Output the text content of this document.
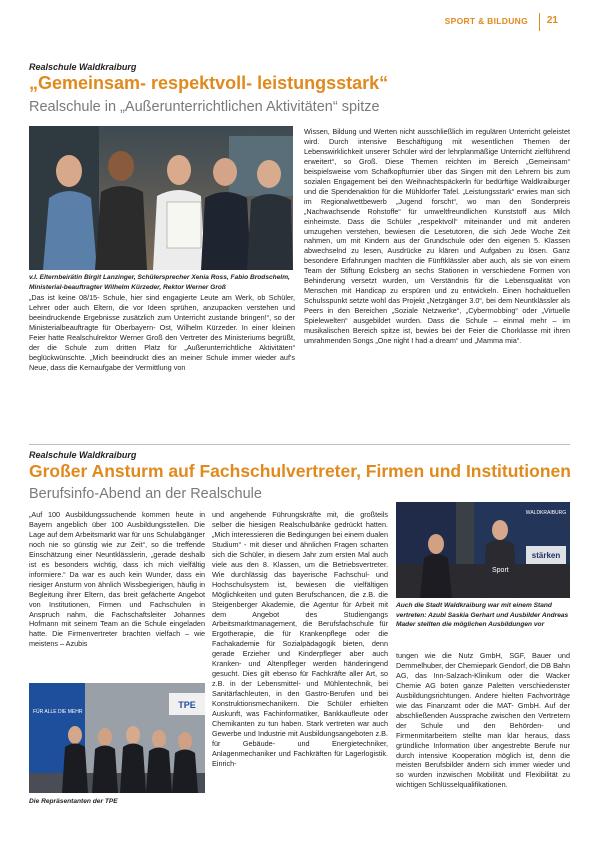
SPORT & BILDUNG 21
Realschule Waldkraiburg
„Gemeinsam- respektvoll- leistungsstark“
Realschule in „Außerunterrichtlichen Aktivitäten“ spitze
v.l. Elternbeirätin Birgit Lanzinger, Schülersprecher Xenia Ross, Fabio Brodschelm, Ministerial-beauftragter Wilhelm Kürzeder, Rektor Werner Groß

„Das ist keine 08/15- Schule, hier sind engagierte Leute am Werk, ob Schüler, Lehrer oder auch Eltern, die vor Ideen sprühen, anzupacken verstehen und beeindruckende Ergebnisse zusätzlich zum Unterricht zustande bringen!“, so der Ministerialbeauftragte für Oberbayern- Ost, Wilhelm Kürzeder. In einer kleinen Feier hatte Realschulrektor Werner Groß den Vertreter des Ministeriums begrüßt, der die Schule zum dritten Platz für „Außerunterrichtliche Aktivitäten“ beglückwünschte. „Mich beeindruckt dies an meiner Schule immer wieder auf's Neue, dass die Kernaufgabe der Vermittlung von

Wissen, Bildung und Werten nicht ausschließlich im regulären Unterricht geleistet wird. Durch intensive Beschäftigung mit wesentlichen Themen der Lebenswirklichkeit unserer Schüler wird der lehrplanmäßige Unterricht zielführend erweitert“, so Groß. Diese Themen reichten im Bereich „Gemeinsam“ beispielsweise vom Schafkopfturnier über das Singen mit den Lehrern bis zum sozialen Engagement bei den Weihnachtspäckerln für bedürftige Waldkraiburger und die Spendenaktion für die Mühldorfer Tafel. „Leistungsstark“ erwies man sich im Regionalwettbewerb „Jugend forscht“, wo man den Sonderpreis „Nachwachsende Rohstoffe“ für umweltfreundlichen Kunststoff aus Milch einheimste. Dass die Schüler „respektvoll“ miteinander und mit anderen umzugehen verstehen, bewiesen die Lesetutoren, die sich Jede Woche Zeit nahmen, um mit Kindern aus der Grundschule oder den eigenen 5. Klassen abwechselnd zu lesen, Ausdrücke zu klären und Aufgaben zu lösen. Ganz besondere Erfahrungen machten die Fünftklässler aber auch, als sie von einem Team der Stiftung Ecksberg an sechs Stationen in verschiedene Formen von Behinderung versetzt wurden, um Verständnis für die Lebensqualität von Menschen mit Handicap zu erspüren und zu entwickeln. Einen hochaktuellen Schulsspunkt setzte wohl das Projekt „Netzgänger 3.0“, bei dem Neuntklässler als Peers in den Bereichen „Soziale Netzwerke“, „Cybermobbing“ oder „Virtuelle Spielewelten“ ausgebildet wurden. Dass die Schule – einmal mehr – im musikalischen Bereich spitze ist, bewies bei der Feier die Chorklasse mit ihren umrahmenden Songs „One night I had a dream“ und „Mamma mia“.

Realschule Waldkraiburg
Großer Ansturm auf Fachschulvertreter, Firmen und Institutionen
Berufsinfo-Abend an der Realschule

„Auf 100 Ausbildungssuchende kommen heute in Bayern angeblich über 100 Ausbildungsstellen. Die Lage auf dem Arbeitsmarkt war für uns Schulabgänger noch nie so günstig wie zur Zeit“, so die treffende Einschätzung einer Neuntklässlerin, „gerade deshalb ist es besonders wichtig, dass ich mich vielfältig informiere.“ Da war es auch kein Wunder, dass ein riesiger Ansturm von ähnlich Wissbegierigen, häufig in Begleitung ihrer Eltern, das breit gefächerte Angebot von Institutionen, Firmen und Fachschulen in Anspruch nahm, die Fachschaftsleiter Johannes Hofmann mit seinem Team an die Schule eingeladen hatte. Die Firmenvertreter brachten vielfach – wie meistens – Azubis

und angehende Führungskräfte mit, die großteils selber die hiesigen Realschulbänke gedrückt hatten. „Mich interessieren die Bedingungen bei einem dualen Studium“ - mit dieser und ähnlichen Fragen scharten sich die Schüler, in diesem Jahr zum ersten Mal auch viele aus den 8. Klassen, um die Betriebsvertreter. Wie durchlässig das bayerische Fachschul- und Hochschulsystem ist, bewiesen die vielfältigen Möglichkeiten und guten Berufschancen, die z.B. die Steigenberger Akademie, die Agentur für Arbeit mit dem Angebot des Studiengangs Arbeitsmarktmanagement, die Berufsfachschule für Ergotherapie, die für Krankenpflege oder die Fachakademie für Sozialpädagogik bieten, denn gerade Erzieher und Kinderpfleger aber auch Kranken- und Altenpfleger werden händeringend gesucht. Dies gilt ebenso für Fachkräfte aller Art, so z.B. in der Lebensmittel- und Mühlentechnik, bei Sanitärfachleuten, in den Gastro-Berufen und bei Konstruktionsmechanikern. Die Schüler erhielten Auskunft, was Fachinformatiker, Bankkaufleute oder Chemikanten zu tun haben. Stark vertreten war auch Gewerbe und Industrie mit Ausbildungsangeboten z.B. für Gebäude- und Energietechniker, Anlagenmechaniker und Fachkräften für Lagerlogistik. Einrich-

tungen wie die Nutz GmbH, SGF, Bauer und Demmelhuber, der Chemiepark Gendorf, die DB Bahn AG, das Inn-Salzach-Klinikum oder die Wacker Chemie AG boten ganze Paletten verschiedenster Ausbildungsrichtungen. Andere hielten Fachvorträge wie das Finanzamt oder die MAT- GmbH. Auf der abschließenden Aussprache zwischen den Vertretern der Schule und den Behörden- und Firmenmitarbeitern stellte man klar heraus, dass gründliche Information über angestrebte Berufe nur durch intensive Kooperation möglich ist, denn die meisten Berufsbilder ändern sich immer wieder und so wurden inzwischen Mobilität und Flexibilität zu wichtigen Schlüsselqualifikationen.

stärken
Sport
WALDKRAIBURG
Auch die Stadt Waldkraiburg war mit einem Stand vertreten: Azubi Saskia Gerhart und Ausbilder Andreas Mader stellten die möglichen Ausbildungen vor
TPE
FÜR ALLE DIE MEHR
Die Repräsentanten der TPE
